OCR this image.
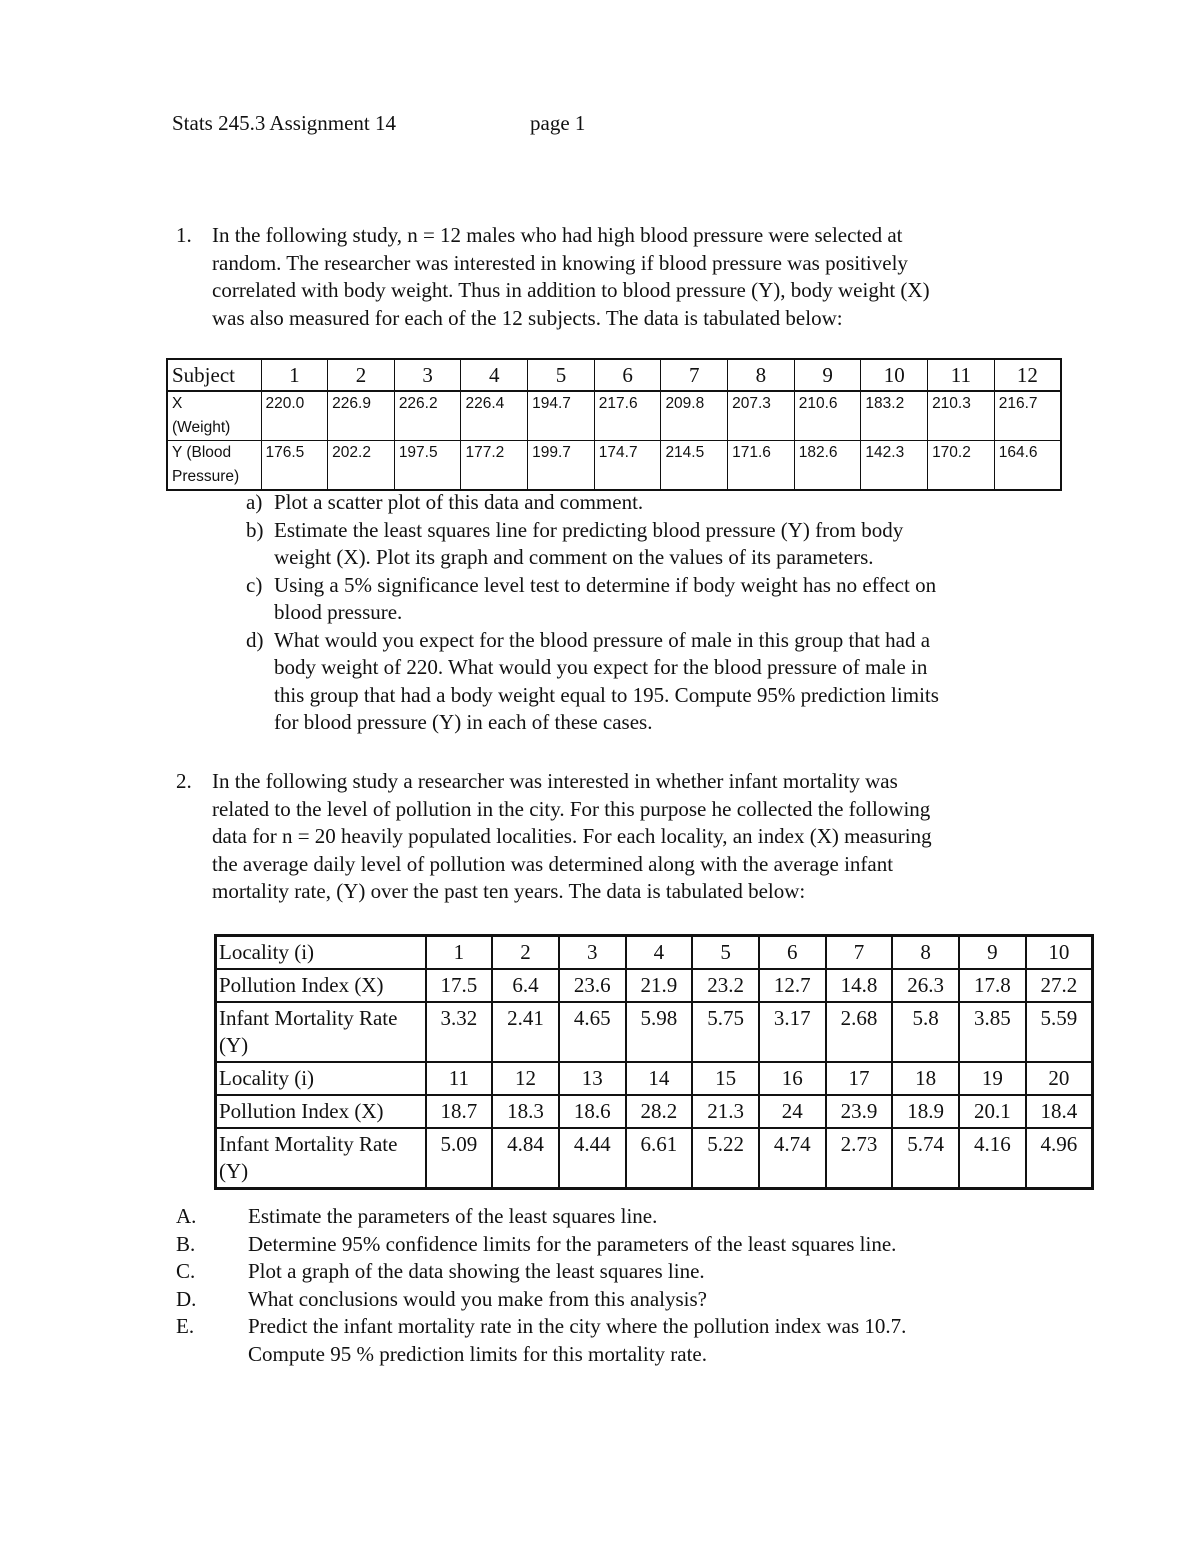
Stats 245.3 Assignment 14	page 1
1. In the following study, n = 12 males who had high blood pressure were selected at

random. The researcher was interested in knowing if blood pressure was positively

correlated with body weight. Thus in addition to blood pressure (Y), body weight (X)

was also measured for each of the 12 subjects. The data is tabulated below:

Subject	1	2	3	4	5	6	7	8	9	10	11	12

X
(Weight)	220.0	226.9	226.2	226.4	194.7	217.6	209.8	207.3	210.6	183.2	210.3	216.7

Y (Blood
Pressure)	176.5	202.2	197.5	177.2	199.7	174.7	214.5	171.6	182.6	142.3	170.2	164.6
a) Plot a scatter plot of this data and comment.
b) Estimate the least squares line for predicting blood pressure (Y) from body
weight (X). Plot its graph and comment on the values of its parameters.
c) Using a 5% significance level test to determine if body weight has no effect on
blood pressure.
d) What would you expect for the blood pressure of male in this group that had a
body weight of 220. What would you expect for the blood pressure of male in
this group that had a body weight equal to 195. Compute 95% prediction limits
for blood pressure (Y) in each of these cases.
2. In the following study a researcher was interested in whether infant mortality was

related to the level of pollution in the city. For this purpose he collected the following

data for n = 20 heavily populated localities. For each locality, an index (X) measuring

the average daily level of pollution was determined along with the average infant

mortality rate, (Y) over the past ten years. The data is tabulated below:

Locality (i)	1	2	3	4	5	6	7	8	9	10
Pollution Index (X)	17.5	6.4	23.6	21.9	23.2	12.7	14.8	26.3	17.8	27.2

Infant Mortality Rate
(Y)	3.32	2.41	4.65	5.98	5.75	3.17	2.68	5.8	3.85	5.59
Locality (i)	11	12	13	14	15	16	17	18	19	20
Pollution Index (X)	18.7	18.3	18.6	28.2	21.3	24	23.9	18.9	20.1	18.4

Infant Mortality Rate
(Y)	5.09	4.84	4.44	6.61	5.22	4.74	2.73	5.74	4.16	4.96
A. Estimate the parameters of the least squares line.
B.	Determine 95% confidence limits for the parameters of the least squares line.
C.	Plot a graph of the data showing the least squares line.
D. What conclusions would you make from this analysis?
E.	Predict the infant mortality rate in the city where the pollution index was 10.7.
Compute 95 % prediction limits for this mortality rate.
